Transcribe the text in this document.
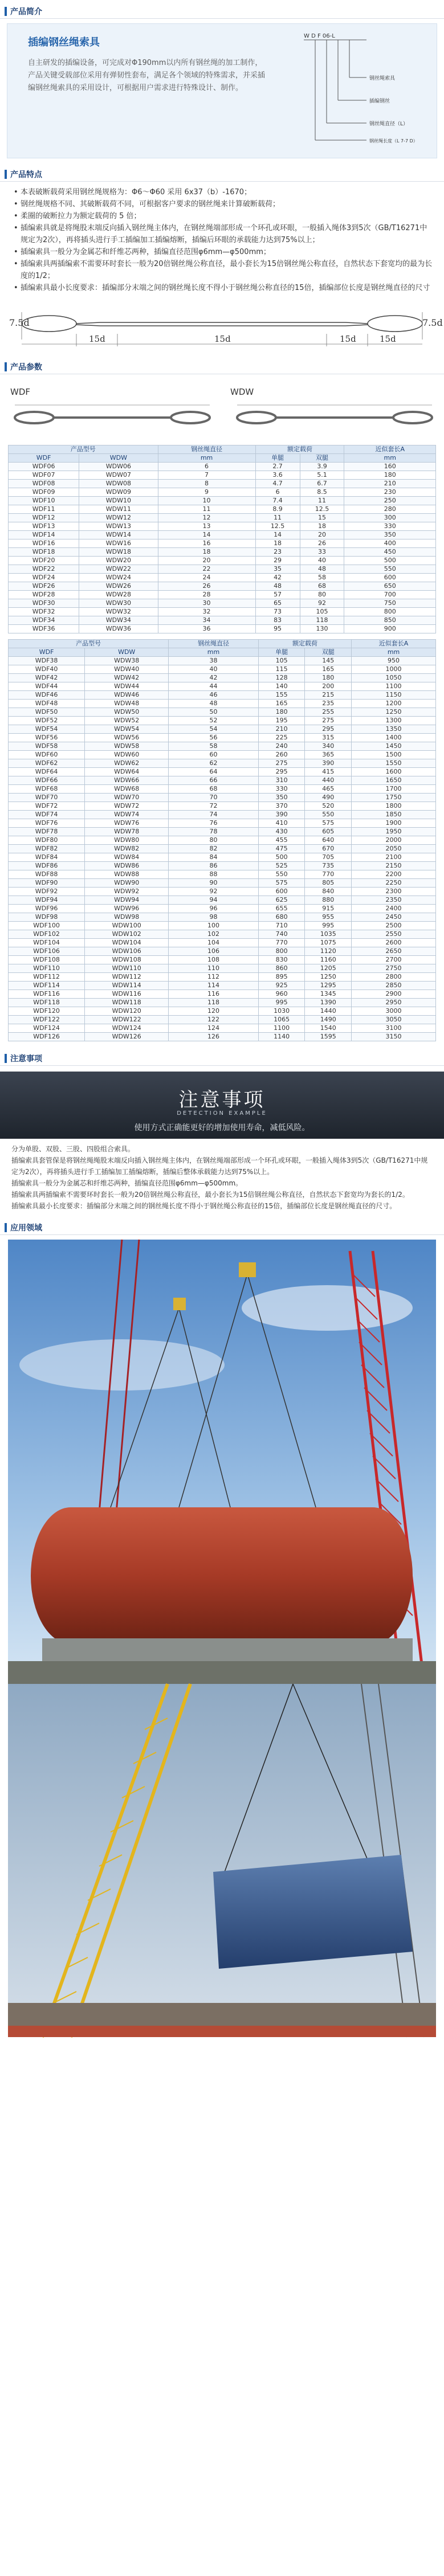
产品简介
插编钢丝绳索具

自主研发的插编设备，可完成对Φ190mm以内所有钢丝绳的加工制作，产品关键受载部位采用有弹韧性套布，满足各个领域的特殊需求，并采插编钢丝绳索具的采用设计，可根据用户需求进行特殊设计、制作。

W D F 06-L
钢丝绳索具
插编钢丝
钢丝绳直径（L）
钢丝绳长度（L 7-7 D）
产品特点
• 本表破断载荷采用钢丝绳规格为：Φ6～Φ60 采用 6x37（b）-1670；
• 钢丝绳规格不同、其破断载荷不同，可根据客户要求的钢丝绳来计算破断载荷；
• 柔圈的破断拉力为额定载荷的 5 倍；
• 插编索具就是将绳股末端反向插入钢丝绳主体内，在钢丝绳端部形成一个环孔或环眼，一般插入绳体3到5次（GB/T16271中规定为2次），再将插头进行手工插编加工插编熔断，插编后环眼的承载能力达到75%以上；
• 插编索具一般分为金属芯和纤维芯两种，插编直径范围φ6mm—φ500mm；
• 插编索具两插编索不需要环时套长一般为20倍钢丝绳公称直径，最小套长为15倍钢丝绳公称直径，自然状态下套宽均的最为长度的1/2；
• 插编索具最小长度要求：插编部分末端之间的钢丝绳长度不得小于钢丝绳公称直径的15倍，插编部位长度是钢丝绳直径的尺寸
7.5d	7.5d
15d	15d	15d	15d
产品参数
WDF	WDW
产品型号		钢丝绳直径	额定载荷		近似套长A
WDF	WDW	mm	单腿	双腿	mm
WDF06	WDW06	6	2.7	3.9	160
WDF07	WDW07	7	3.6	5.1	180
WDF08	WDW08	8	4.7	6.7	210
WDF09	WDW09	9	6	8.5	230
WDF10	WDW10	10	7.4	11	250
WDF11	WDW11	11	8.9	12.5	280
WDF12	WDW12	12	11	15	300
WDF13	WDW13	13	12.5	18	330
WDF14	WDW14	14	14	20	350
WDF16	WDW16	16	18	26	400
WDF18	WDW18	18	23	33	450
WDF20	WDW20	20	29	40	500
WDF22	WDW22	22	35	48	550
WDF24	WDW24	24	42	58	600
WDF26	WDW26	26	48	68	650
WDF28	WDW28	28	57	80	700
WDF30	WDW30	30	65	92	750
WDF32	WDW32	32	73	105	800
WDF34	WDW34	34	83	118	850
WDF36	WDW36	36	95	130	900
产品型号		钢丝绳直径	额定载荷		近似套长A
WDF	WDW	mm	单腿	双腿	mm
WDF38	WDW38	38	105	145	950
WDF40	WDW40	40	115	165	1000
WDF42	WDW42	42	128	180	1050
WDF44	WDW44	44	140	200	1100
WDF46	WDW46	46	155	215	1150
WDF48	WDW48	48	165	235	1200
WDF50	WDW50	50	180	255	1250
WDF52	WDW52	52	195	275	1300
WDF54	WDW54	54	210	295	1350
WDF56	WDW56	56	225	315	1400
WDF58	WDW58	58	240	340	1450
WDF60	WDW60	60	260	365	1500
WDF62	WDW62	62	275	390	1550
WDF64	WDW64	64	295	415	1600
WDF66	WDW66	66	310	440	1650
WDF68	WDW68	68	330	465	1700
WDF70	WDW70	70	350	490	1750
WDF72	WDW72	72	370	520	1800
WDF74	WDW74	74	390	550	1850
WDF76	WDW76	76	410	575	1900
WDF78	WDW78	78	430	605	1950
WDF80	WDW80	80	455	640	2000
WDF82	WDW82	82	475	670	2050
WDF84	WDW84	84	500	705	2100
WDF86	WDW86	86	525	735	2150
WDF88	WDW88	88	550	770	2200
WDF90	WDW90	90	575	805	2250
WDF92	WDW92	92	600	840	2300
WDF94	WDW94	94	625	880	2350
WDF96	WDW96	96	655	915	2400
WDF98	WDW98	98	680	955	2450
WDF100	WDW100	100	710	995	2500
WDF102	WDW102	102	740	1035	2550
WDF104	WDW104	104	770	1075	2600
WDF106	WDW106	106	800	1120	2650
WDF108	WDW108	108	830	1160	2700
WDF110	WDW110	110	860	1205	2750
WDF112	WDW112	112	895	1250	2800
WDF114	WDW114	114	925	1295	2850
WDF116	WDW116	116	960	1345	2900
WDF118	WDW118	118	995	1390	2950
WDF120	WDW120	120	1030	1440	3000
WDF122	WDW122	122	1065	1490	3050
WDF124	WDW124	124	1100	1540	3100
WDF126	WDW126	126	1140	1595	3150
注意事项
注意事项
DETECTION EXAMPLE
使用方式正确能更好的增加使用寿命，减低风险。
分为单股、双股、三股、四股组合索具。
插编索具套管保是将钢丝绳绳股末端反向插入钢丝绳主体内，在钢丝绳端部形成一个环孔或环眼，一般插入绳体3到5次（GB/T16271中规定为2次），再将插头进行手工插编加工插编熔断，插编后整体承载能力达到75%以上。
插编索具一般分为金属芯和纤维芯两种，插编直径范围φ6mm—φ500mm。
插编索具两插编索不需要环时套长一般为20倍钢丝绳公称直径，最小套长为15倍钢丝绳公称直径，自然状态下套宽均为套长的1/2。
插编索具最小长度要求：插编部分末端之间的钢丝绳长度不得小于钢丝绳公称直径的15倍，插编部位长度是钢丝绳直径的尺寸。
应用领域
